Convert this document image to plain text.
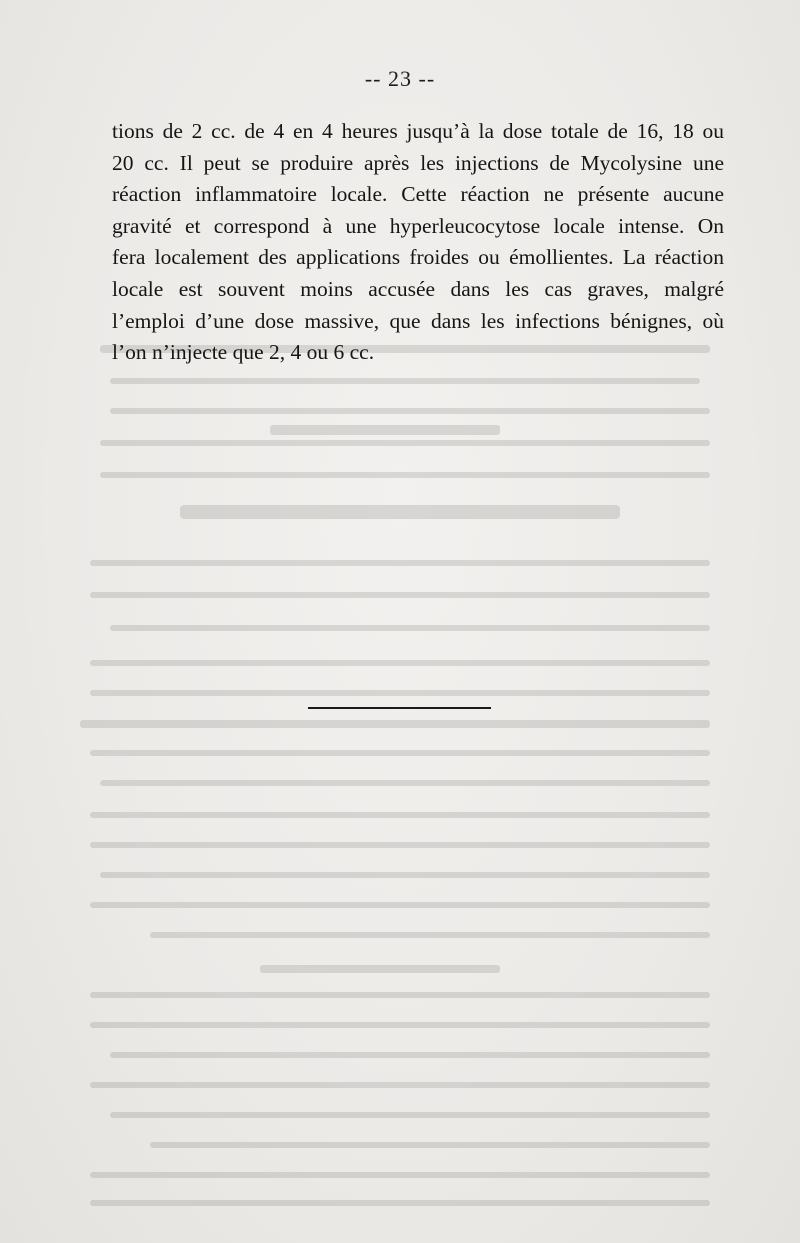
-- 23 --
tions de 2 cc. de 4 en 4 heures jusqu’à la dose totale de 16, 18 ou
20 cc. Il peut se produire après les injections de Mycolysine une
réaction inflammatoire locale. Cette réaction ne présente aucune
gravité et correspond à une hyperleucocytose locale intense. On
fera localement des applications froides ou émollientes. La réaction
locale est souvent moins accusée dans les cas graves, malgré
l’emploi d’une dose massive, que dans les infections bénignes, où
l’on n’injecte que 2, 4 ou 6 cc.
